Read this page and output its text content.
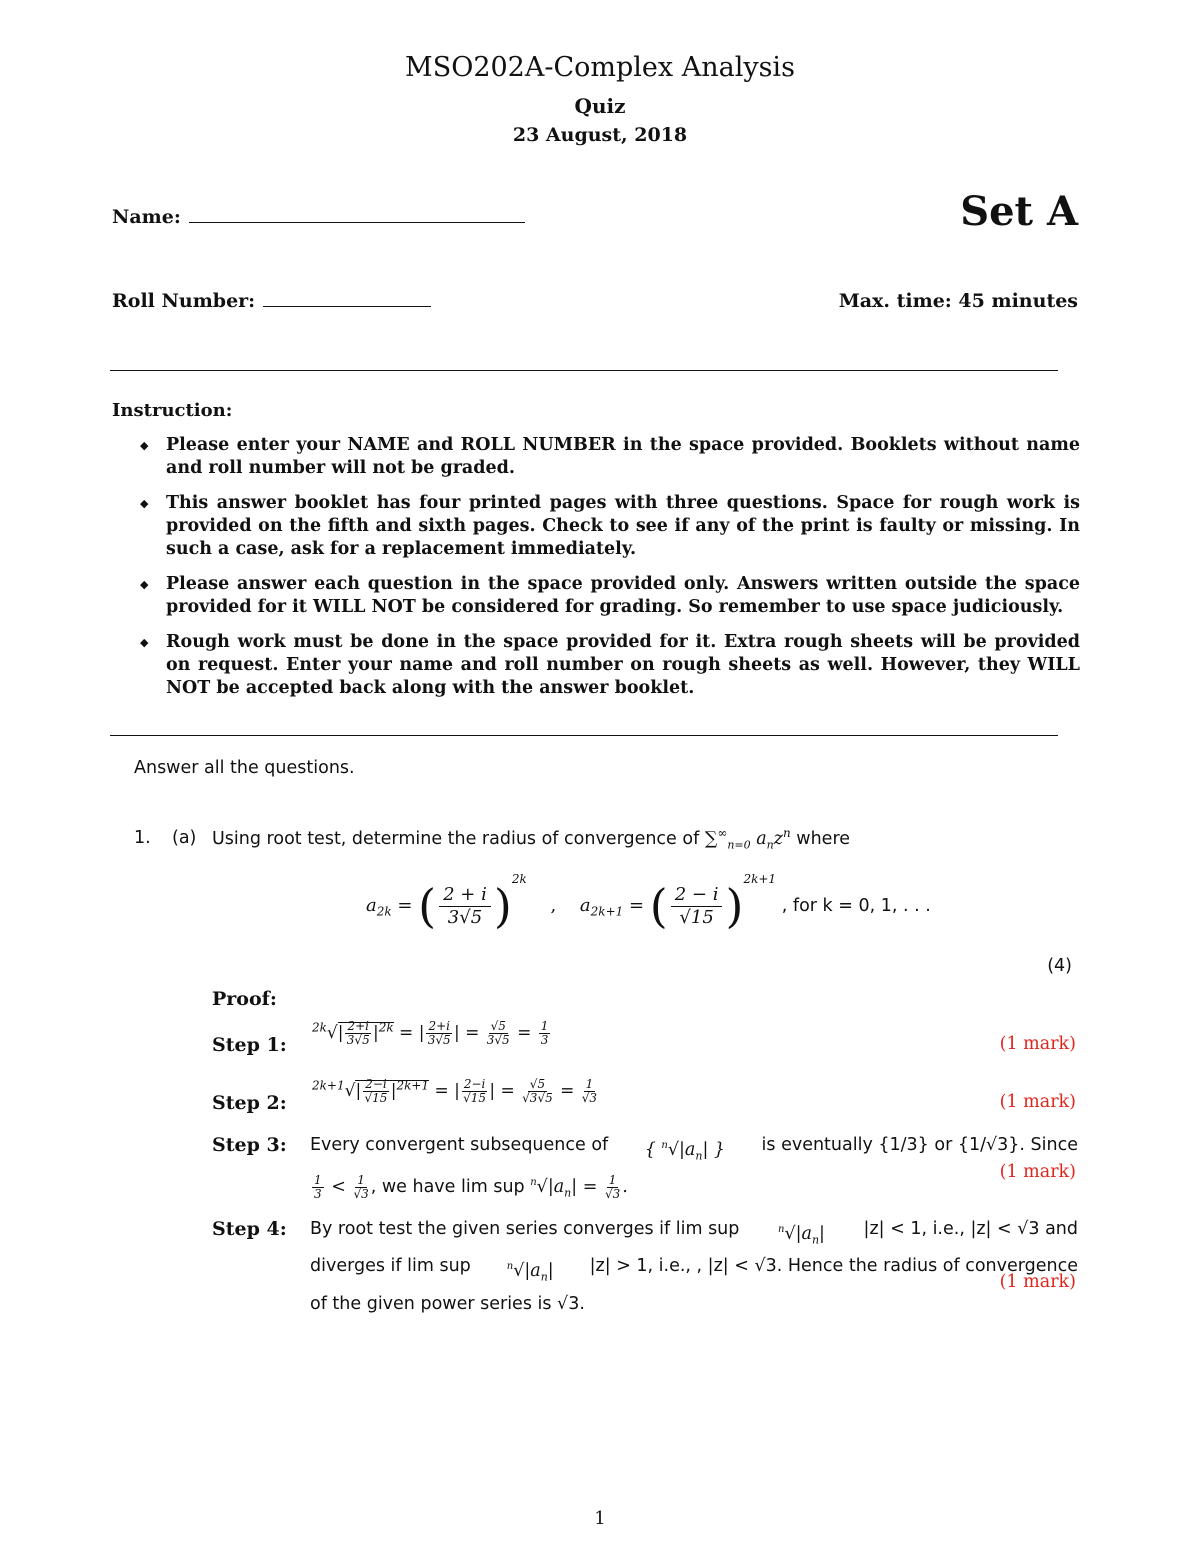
MSO202A-Complex Analysis
Quiz
23 August, 2018
Name:	Set A
Roll Number:	Max. time: 45 minutes
Instruction:
◆ Please enter your NAME and ROLL NUMBER in the space provided. Booklets without name and roll number will not be graded.
◆ This answer booklet has four printed pages with three questions. Space for rough work is provided on the fifth and sixth pages. Check to see if any of the print is faulty or missing. In such a case, ask for a replacement immediately.
◆ Please answer each question in the space provided only. Answers written outside the space provided for it WILL NOT be considered for grading. So remember to use space judiciously.
◆ Rough work must be done in the space provided for it. Extra rough sheets will be provided on request. Enter your name and roll number on rough sheets as well. However, they WILL NOT be accepted back along with the answer booklet.
Answer all the questions.
1. (a) Using root test, determine the radius of convergence of $\sum^\infty_{n=0}$ $a_nz^n$ where
$a_{2k}$ = ( $\frac{2 + i}{3√5} )^{2k}$ , $a_{2k+1}$ = ( $\frac{2 - i}{√15} )^{2k+1}$ , for k = 0, 1, . . .
(4)
Proof:
Step 1:
$^{2k}√| \frac{2+i}{3√5} |^{2k}$ = | $\frac{2+i}{3√5}$ | = $\frac{√5}{3√5} = \frac{1}{3}$	(1 mark)
Step 2:
$^{2k+1}√| \frac{2-i}{√15} |^{2k+1}$ = | $\frac{2-i}{√15}$ | = $\frac{√5}{√3√5} = \frac{1}{√3}$	(1 mark)
Step 3: Every convergent subsequence of { $^n√|a_n|$ } is eventually {1/3} or {1/√3}. Since
$\frac{1}{3} < \frac{1}{√3}$ , we have lim sup $^n√|a_n| = \frac{1}{√3}$ .
(1 mark)
Step 4: By root test the given series converges if lim sup	$^n√|a_n|$ |z| < 1, i.e., |z| < √3 and
diverges if lim sup	$^n√|a_n|$ |z| > 1, i.e., , |z| < √3. Hence the radius of convergence
of the given power series is √3.
(1 mark)
1
